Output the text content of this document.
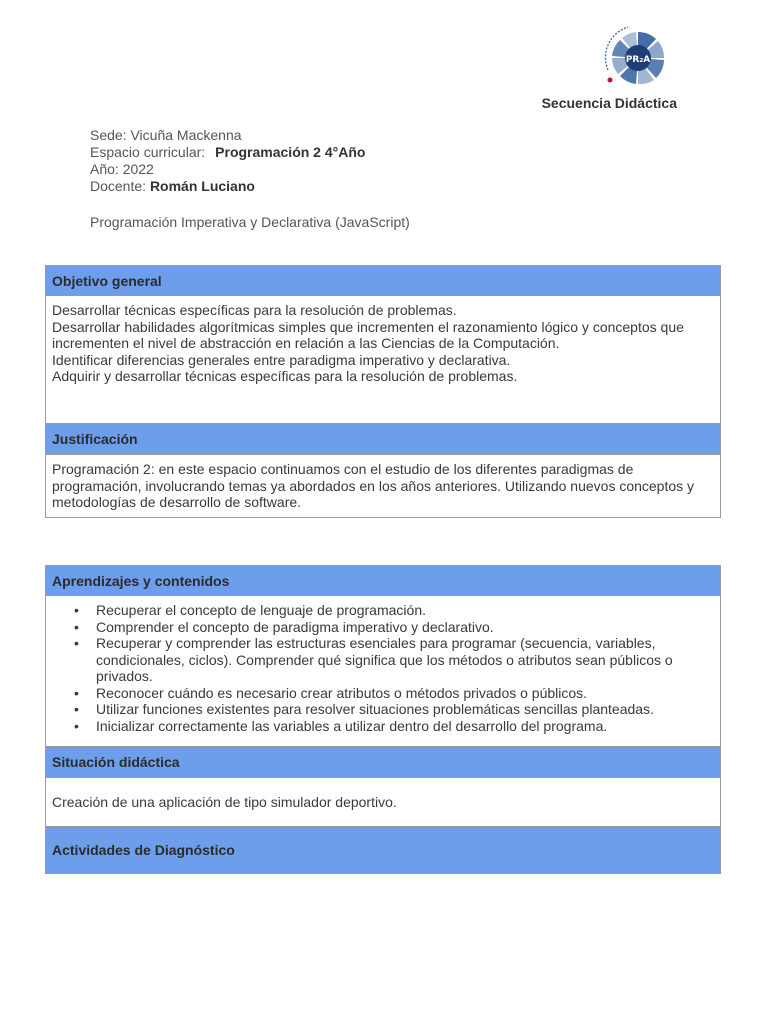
PR₂A
Secuencia Didáctica
Sede: Vicuña Mackenna
Espacio curricular: Programación 2 4°Año
Año: 2022
Docente: Román Luciano
Programación Imperativa y Declarativa (JavaScript)
Objetivo general

Desarrollar técnicas específicas para la resolución de problemas.

Desarrollar habilidades algorítmicas simples que incrementen el razonamiento lógico y conceptos que incrementen el nivel de abstracción en relación a las Ciencias de la Computación.

Identificar diferencias generales entre paradigma imperativo y declarativa.

Adquirir y desarrollar técnicas específicas para la resolución de problemas.

Justificación

Programación 2: en este espacio continuamos con el estudio de los diferentes paradigmas de programación, involucrando temas ya abordados en los años anteriores. Utilizando nuevos conceptos y metodologías de desarrollo de software.

Aprendizajes y contenidos
• Recuperar el concepto de lenguaje de programación.
• Comprender el concepto de paradigma imperativo y declarativo.
• Recuperar y comprender las estructuras esenciales para programar (secuencia, variables, condicionales, ciclos). Comprender qué significa que los métodos o atributos sean públicos o privados.
• Reconocer cuándo es necesario crear atributos o métodos privados o públicos.
• Utilizar funciones existentes para resolver situaciones problemáticas sencillas planteadas.
• Inicializar correctamente las variables a utilizar dentro del desarrollo del programa.
Situación didáctica

Creación de una aplicación de tipo simulador deportivo.

Actividades de Diagnóstico
